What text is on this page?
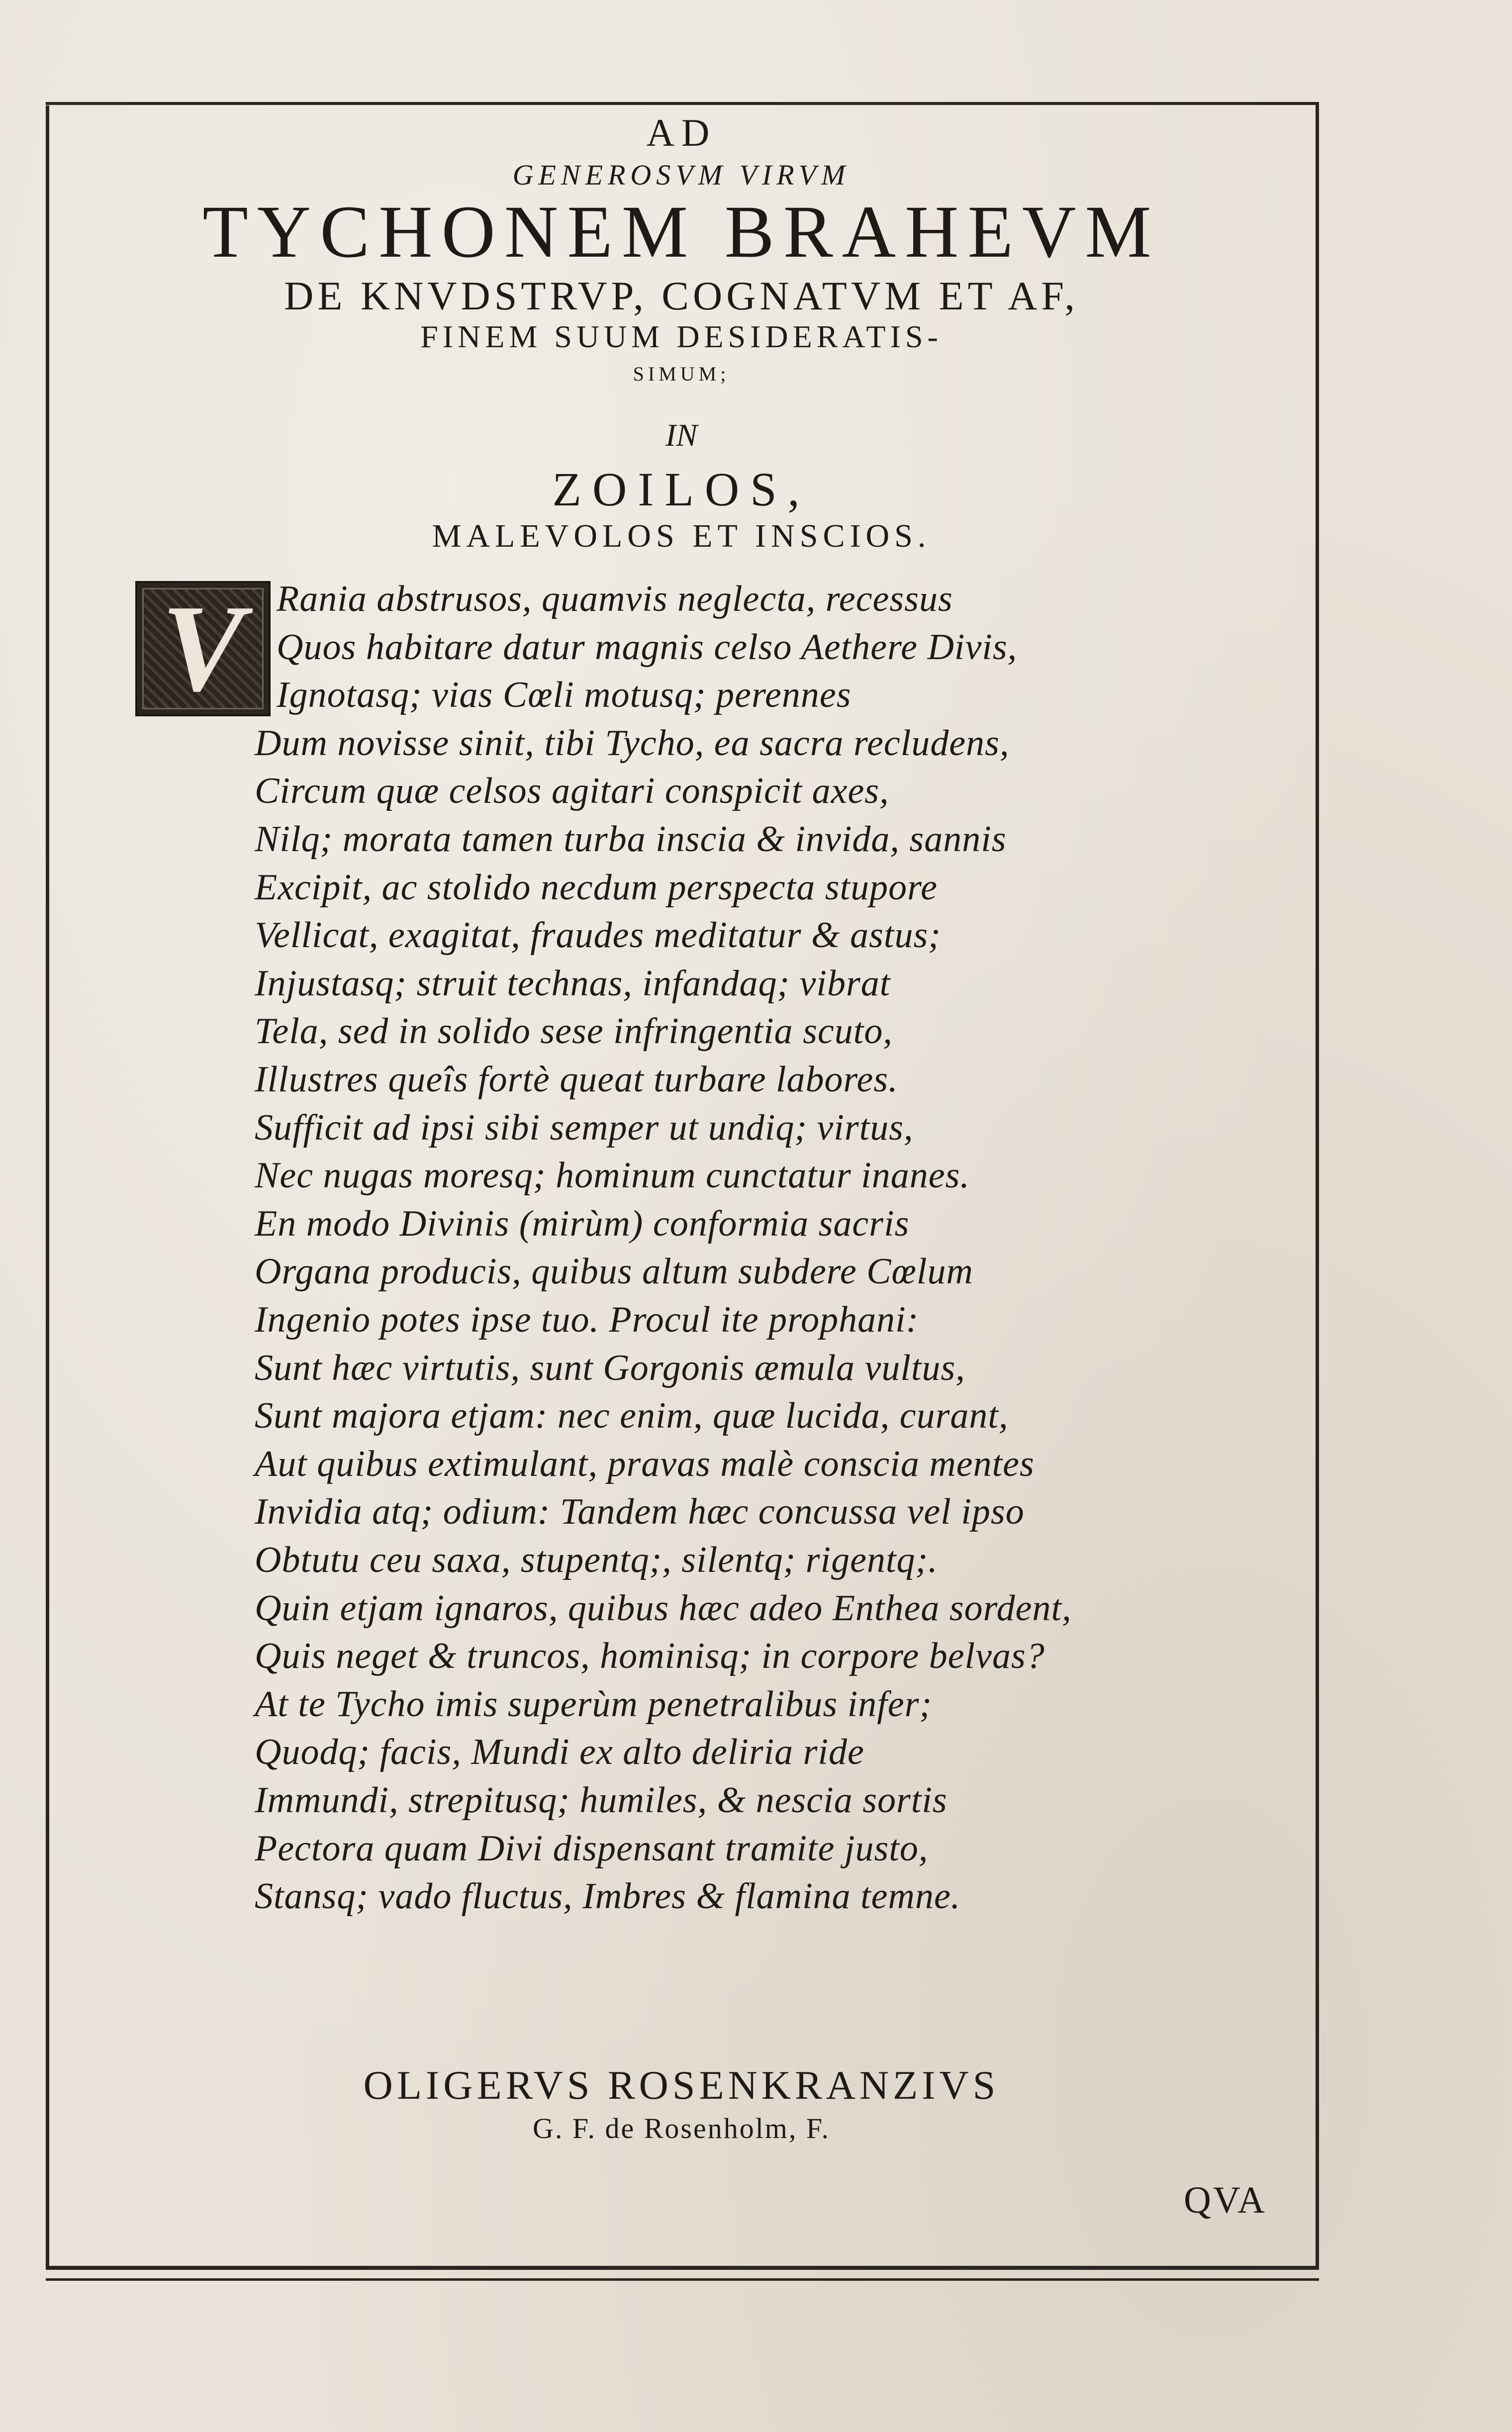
AD
GENEROSVM VIRVM
TYCHONEM BRAHEVM
DE KNVDSTRVP, COGNATVM ET AF,
FINEM SUUM DESIDERATIS-
SIMUM;
IN
ZOILOS,
MALEVOLOS ET INSCIOS.
V Rania abstrusos, quamvis neglecta, recessus
Quos habitare datur magnis celso Aethere Divis,
Ignotasq; vias Cœli motusq; perennes
Dum novisse sinit, tibi Tycho, ea sacra recludens,
Circum quæ celsos agitari conspicit axes,
Nilq; morata tamen turba inscia & invida, sannis
Excipit, ac stolido necdum perspecta stupore
Vellicat, exagitat, fraudes meditatur & astus;
Injustasq; struit technas, infandaq; vibrat
Tela, sed in solido sese infringentia scuto,
Illustres queîs fortè queat turbare labores.
Sufficit ad ipsi sibi semper ut undiq; virtus,
Nec nugas moresq; hominum cunctatur inanes.
En modo Divinis (mirùm) conformia sacris
Organa producis, quibus altum subdere Cœlum
Ingenio potes ipse tuo. Procul ite prophani:
Sunt hæc virtutis, sunt Gorgonis æmula vultus,
Sunt majora etjam: nec enim, quæ lucida, curant,
Aut quibus extimulant, pravas malè conscia mentes
Invidia atq; odium: Tandem hæc concussa vel ipso
Obtutu ceu saxa, stupentq;, silentq; rigentq;.
Quin etjam ignaros, quibus hæc adeo Enthea sordent,
Quis neget & truncos, hominisq; in corpore belvas?
At te Tycho imis superùm penetralibus infer;
Quodq; facis, Mundi ex alto deliria ride
Immundi, strepitusq; humiles, & nescia sortis
Pectora quam Divi dispensant tramite justo,
Stansq; vado fluctus, Imbres & flamina temne.
OLIGERVS ROSENKRANZIVS
G. F. de Rosenholm, F.
QVA
